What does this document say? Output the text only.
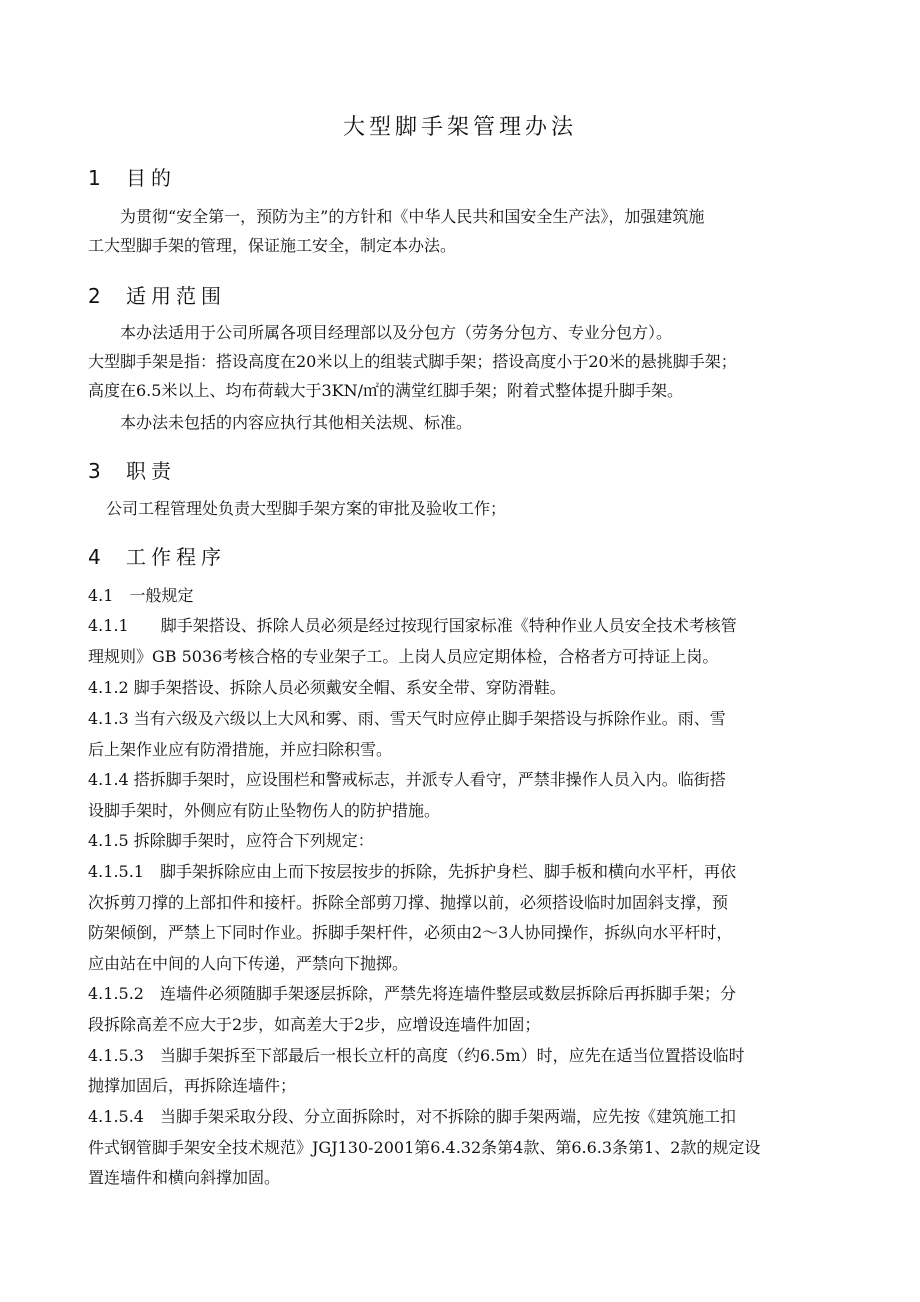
大型脚手架管理办法
1 目的
为贯彻“安全第一，预防为主”的方针和《中华人民共和国安全生产法》，加强建筑施
工大型脚手架的管理，保证施工安全，制定本办法。
2 适用范围
本办法适用于公司所属各项目经理部以及分包方（劳务分包方、专业分包方）。
大型脚手架是指：搭设高度在20米以上的组装式脚手架；搭设高度小于20米的悬挑脚手架；
高度在6.5米以上、均布荷载大于3KN/㎡的满堂红脚手架；附着式整体提升脚手架。
本办法未包括的内容应执行其他相关法规、标准。
3 职责
公司工程管理处负责大型脚手架方案的审批及验收工作；
4 工作程序
4.1　一般规定
4.1.1　　脚手架搭设、拆除人员必须是经过按现行国家标准《特种作业人员安全技术考核管
理规则》GB 5036考核合格的专业架子工。上岗人员应定期体检，合格者方可持证上岗。
4.1.2 脚手架搭设、拆除人员必须戴安全帽、系安全带、穿防滑鞋。
4.1.3 当有六级及六级以上大风和雾、雨、雪天气时应停止脚手架搭设与拆除作业。雨、雪
后上架作业应有防滑措施，并应扫除积雪。
4.1.4 搭拆脚手架时，应设围栏和警戒标志，并派专人看守，严禁非操作人员入内。临街搭
设脚手架时，外侧应有防止坠物伤人的防护措施。
4.1.5 拆除脚手架时，应符合下列规定：
4.1.5.1　脚手架拆除应由上而下按层按步的拆除，先拆护身栏、脚手板和横向水平杆，再依
次拆剪刀撑的上部扣件和接杆。拆除全部剪刀撑、抛撑以前，必须搭设临时加固斜支撑，预
防架倾倒，严禁上下同时作业。拆脚手架杆件，必须由2～3人协同操作，拆纵向水平杆时，
应由站在中间的人向下传递，严禁向下抛掷。
4.1.5.2　连墙件必须随脚手架逐层拆除，严禁先将连墙件整层或数层拆除后再拆脚手架；分
段拆除高差不应大于2步，如高差大于2步，应增设连墙件加固；
4.1.5.3　当脚手架拆至下部最后一根长立杆的高度（约6.5m）时，应先在适当位置搭设临时
抛撑加固后，再拆除连墙件；
4.1.5.4　当脚手架采取分段、分立面拆除时，对不拆除的脚手架两端，应先按《建筑施工扣
件式钢管脚手架安全技术规范》JGJ130-2001第6.4.32条第4款、第6.6.3条第1、2款的规定设
置连墙件和横向斜撑加固。
